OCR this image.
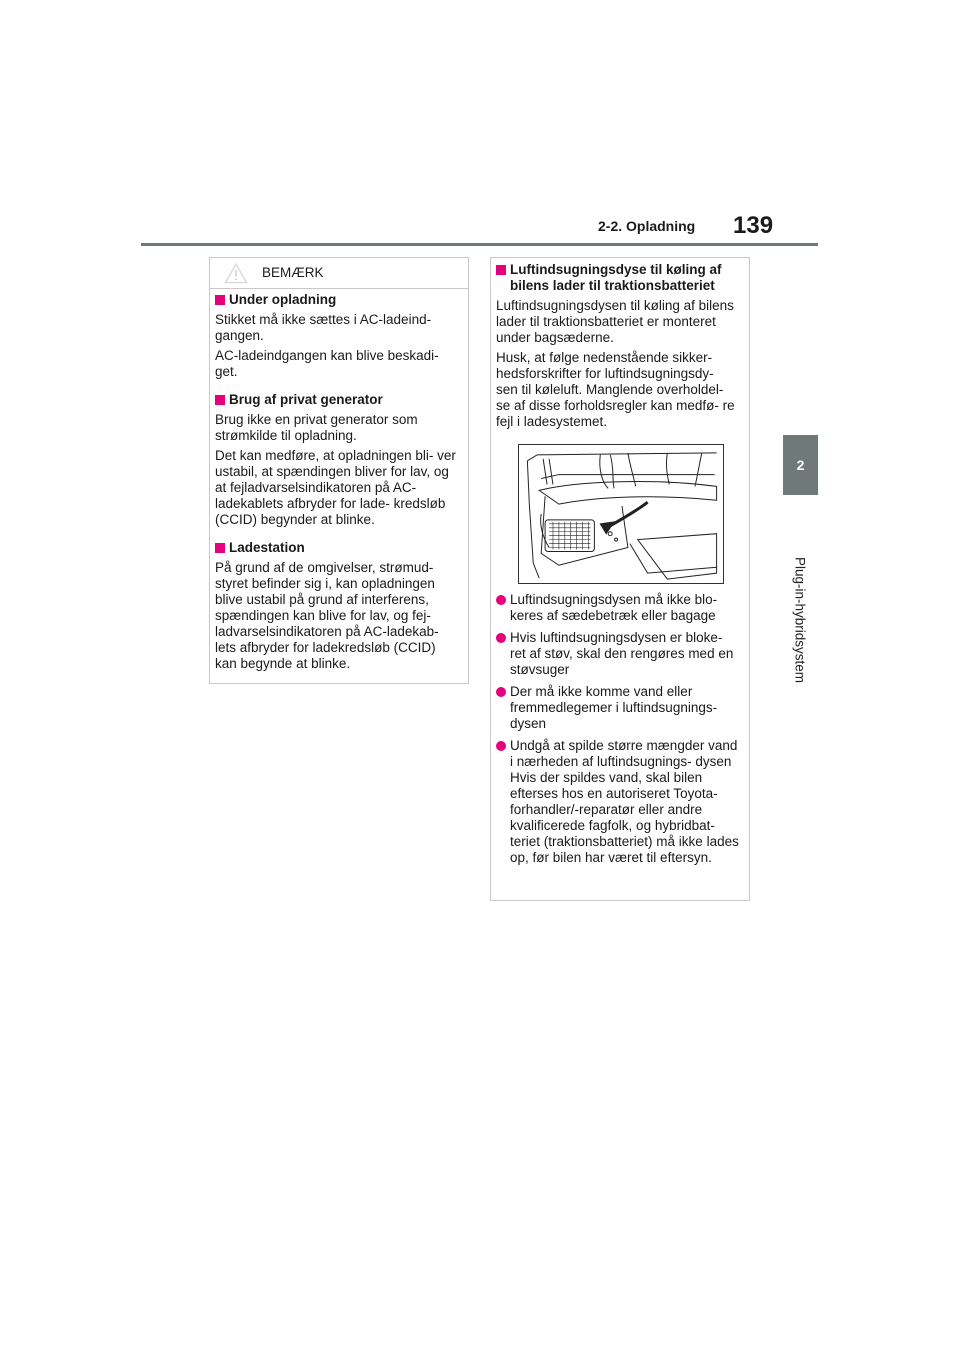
2-2. Opladning 139
2
Plug-in-hybridsystem
BEMÆRK
Under opladning

Stikket må ikke sættes i AC-ladeind- gangen.

AC-ladeindgangen kan blive beskadi- get.

Brug af privat generator

Brug ikke en privat generator som strømkilde til opladning.

Det kan medføre, at opladningen bli- ver ustabil, at spændingen bliver for lav, og at fejladvarselsindikatoren på AC-ladekablets afbryder for lade- kredsløb (CCID) begynder at blinke.

Ladestation

På grund af de omgivelser, strømud- styret befinder sig i, kan opladningen blive ustabil på grund af interferens, spændingen kan blive for lav, og fej- ladvarselsindikatoren på AC-ladekab- lets afbryder for ladekredsløb (CCID) kan begynde at blinke.

Luftindsugningsdyse til køling af bilens lader til traktionsbatteriet

Luftindsugningsdysen til køling af bilens lader til traktionsbatteriet er monteret under bagsæderne.

Husk, at følge nedenstående sikker- hedsforskrifter for luftindsugningsdy- sen til køleluft. Manglende overholdel- se af disse forholdsregler kan medfø- re fejl i ladesystemet.

Luftindsugningsdysen må ikke blo- keres af sædebetræk eller bagage
Hvis luftindsugningsdysen er bloke- ret af støv, skal den rengøres med en støvsuger
Der må ikke komme vand eller fremmedlegemer i luftindsugnings- dysen
Undgå at spilde større mængder vand i nærheden af luftindsugnings- dysen
Hvis der spildes vand, skal bilen efterses hos en autoriseret Toyota- forhandler/-reparatør eller andre kvalificerede fagfolk, og hybridbat- teriet (traktionsbatteriet) må ikke lades op, før bilen har været til eftersyn.
